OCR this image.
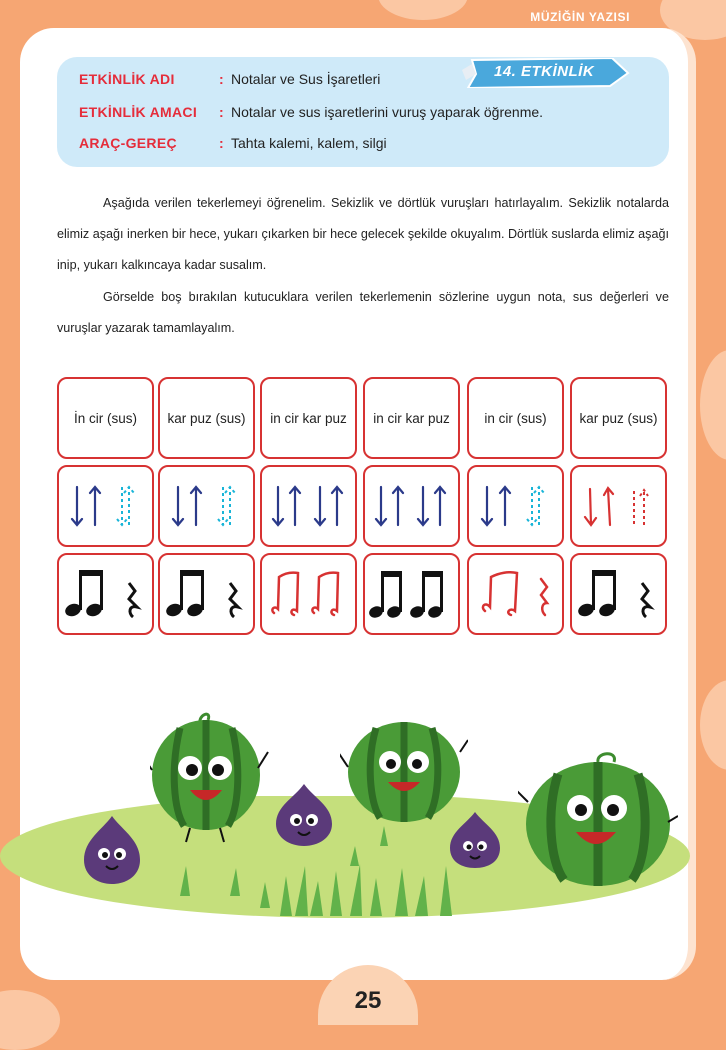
MÜZİĞİN YAZISI
ETKİNLİK ADI	: Notalar ve Sus İşaretleri
ETKİNLİK AMACI	: Notalar ve sus işaretlerini vuruş yaparak öğrenme.
ARAÇ-GEREÇ	: Tahta kalemi, kalem, silgi
14. ETKİNLİK
Aşağıda verilen tekerlemeyi öğrenelim. Sekizlik ve dörtlük vuruşları hatırlayalım. Sekizlik notalarda elimiz aşağı inerken bir hece, yukarı çıkarken bir hece gelecek şekilde okuyalım. Dörtlük suslarda elimiz aşağı inip, yukarı kalkıncaya kadar susalım.
Görselde boş bırakılan kutucuklara verilen tekerlemenin sözlerine uygun nota, sus değerleri ve vuruşlar yazarak tamamlayalım.
İn cir (sus)	kar puz (sus)	in cir kar puz	in cir kar puz	in cir (sus)	kar puz (sus)
25
